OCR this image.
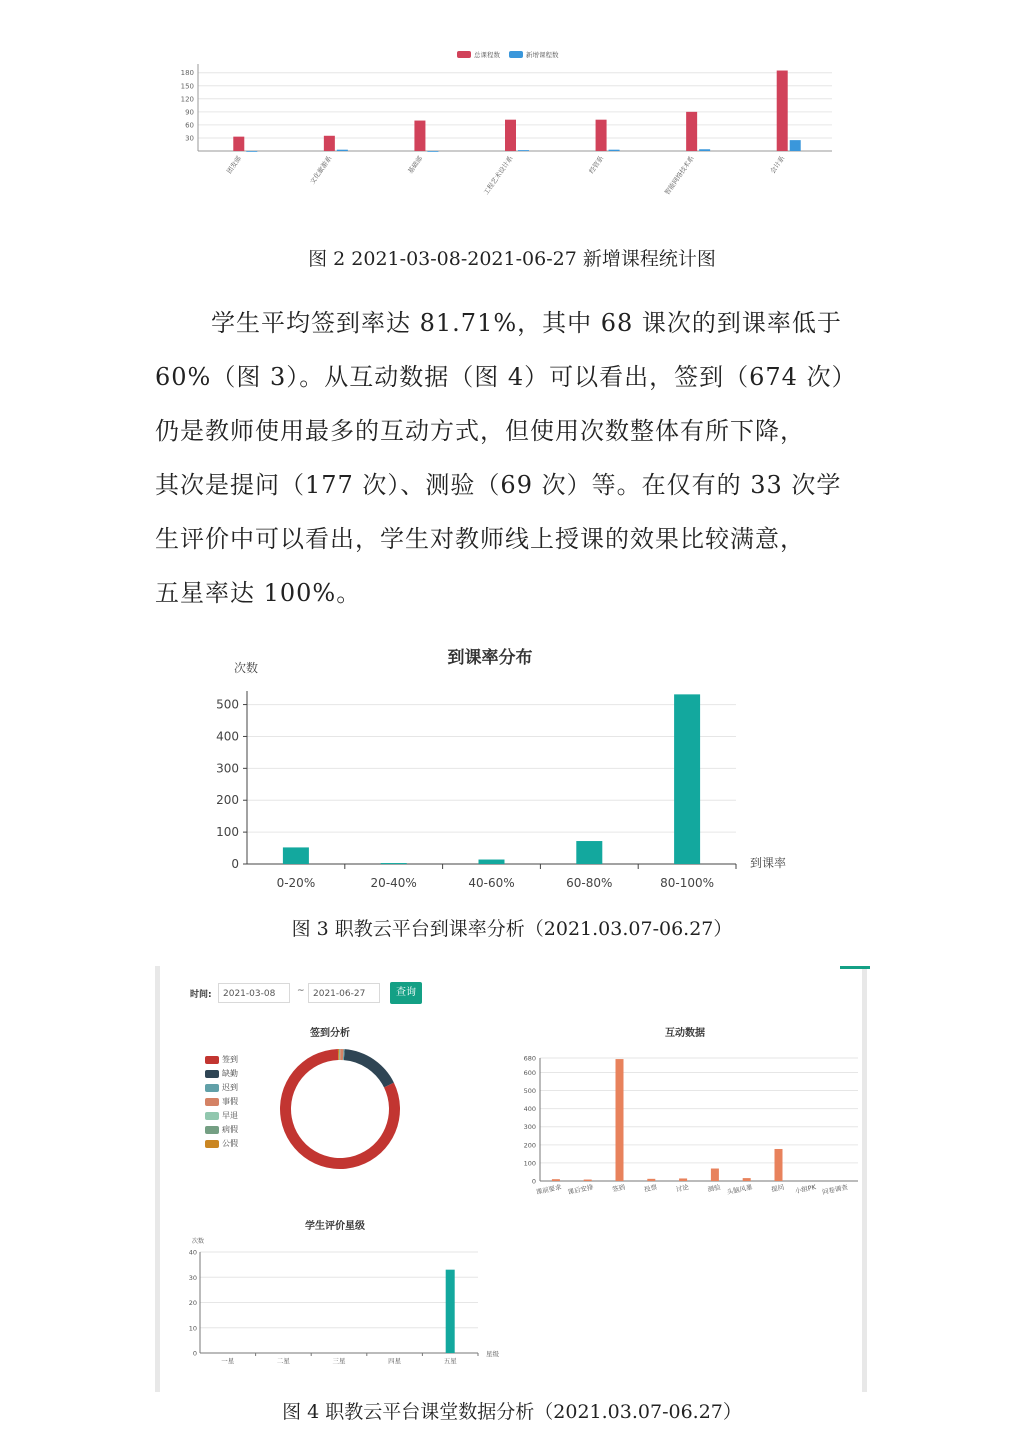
总课程数	新增课程数
30
60
90
120
150
180
团发部	文化旅游系	基础部	工程艺术设计系	经管系	智能网络技术系	会计系
图 2 2021-03-08-2021-06-27 新增课程统计图

学生平均签到率达 81.71%，其中 68 课次的到课率低于

60%（图 3）。从互动数据（图 4）可以看出，签到（674 次）

仍是教师使用最多的互动方式，但使用次数整体有所下降，

其次是提问（177 次）、测验（69 次）等。在仅有的 33 次学

生评价中可以看出，学生对教师线上授课的效果比较满意，

五星率达 100%。

到课率分布
次数
0
100
200
300
400
500
到课率
0-20%	20-40%	40-60%	60-80%	80-100%
图 3 职教云平台到课率分析（2021.03.07-06.27）
时间:	2021-03-08	~ 2021-06-27	查询
签到分析
签到
缺勤
迟到
事假
早退
病假
公假
互动数据
0
100
200
300
400
500
600
680
课前要求 课后安排	签到	投票	讨论	测验 头脑风暴	提问 小组PK 问卷调查
学生评价星级
次数
0
10
20
30
40
星级
一星	二星	三星	四星	五星
图 4 职教云平台课堂数据分析（2021.03.07-06.27）
